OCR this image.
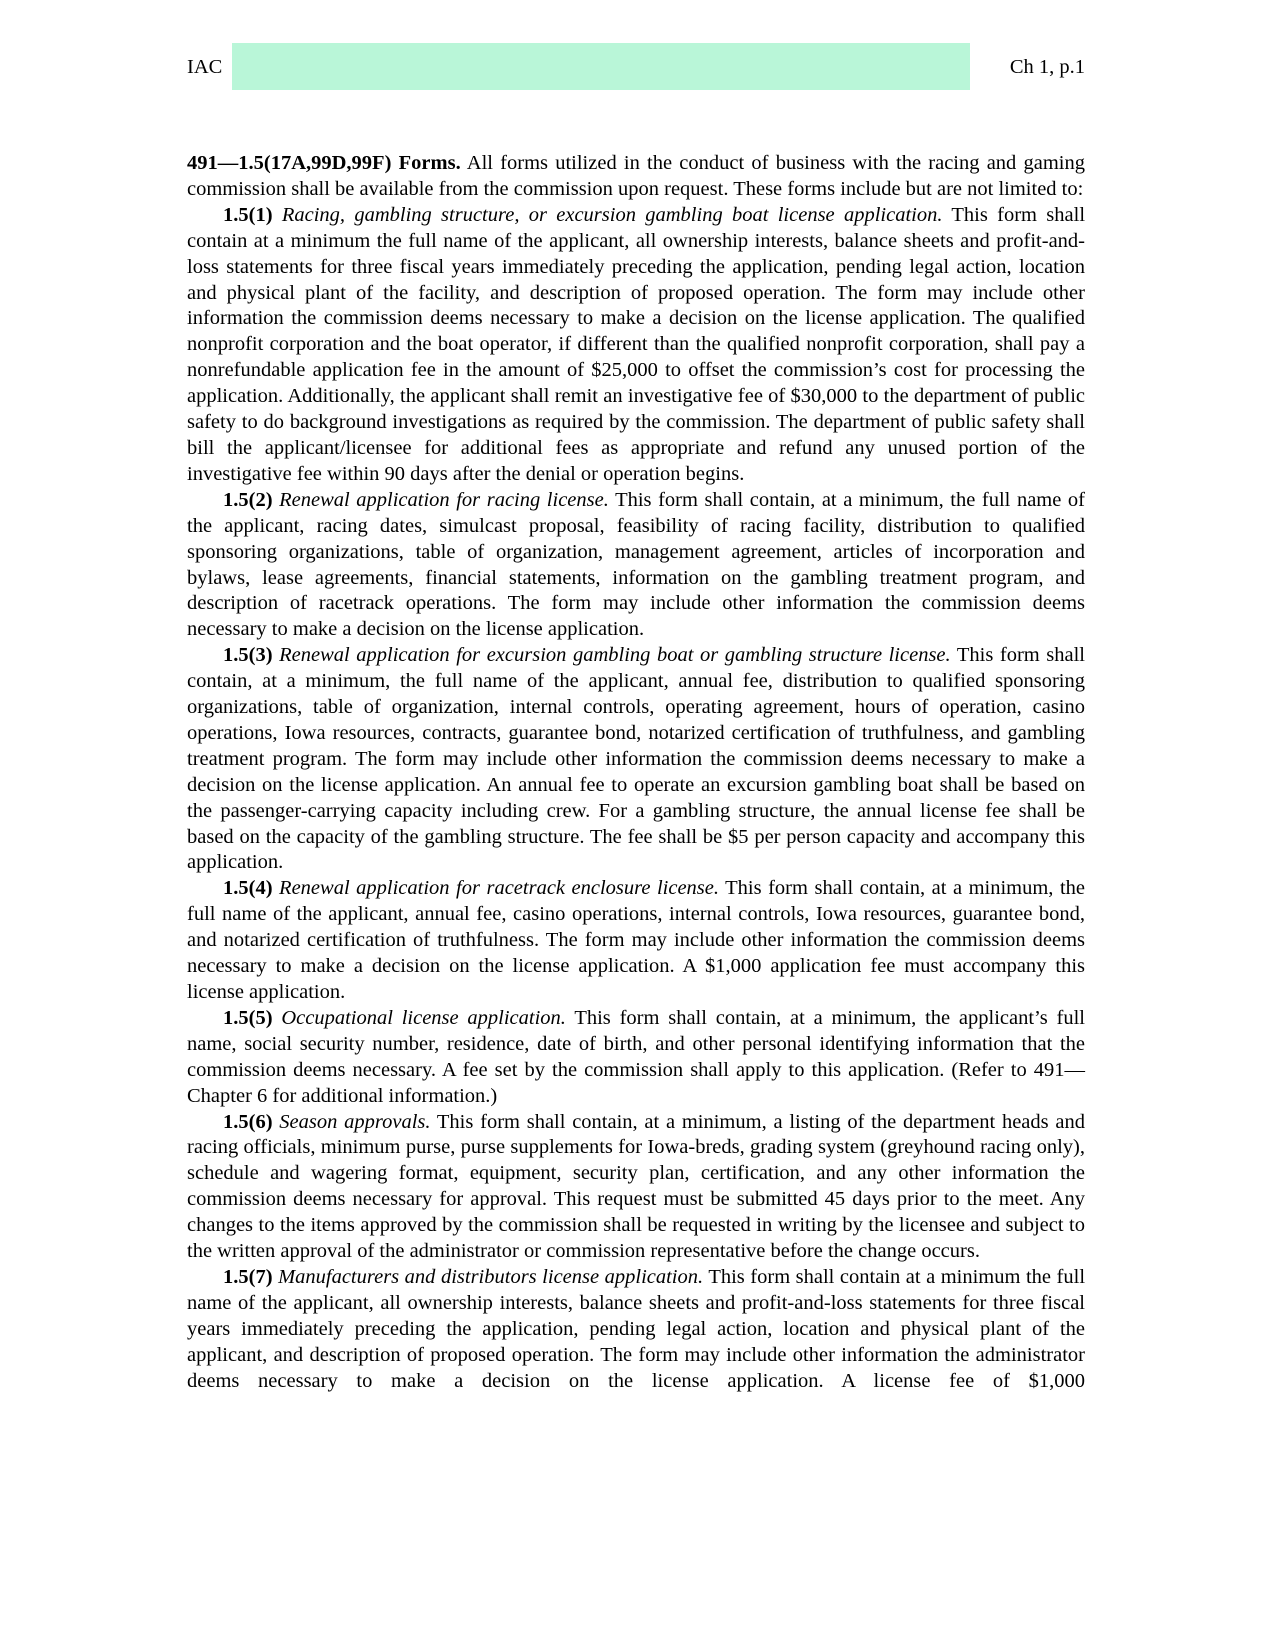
IAC	Ch 1, p.1

491—1.5(17A,99D,99F) Forms. All forms utilized in the conduct of business with the racing and gaming commission shall be available from the commission upon request. These forms include but are not limited to:

1.5(1) Racing, gambling structure, or excursion gambling boat license application. This form shall contain at a minimum the full name of the applicant, all ownership interests, balance sheets and profit-and-loss statements for three fiscal years immediately preceding the application, pending legal action, location and physical plant of the facility, and description of proposed operation. The form may include other information the commission deems necessary to make a decision on the license application. The qualified nonprofit corporation and the boat operator, if different than the qualified nonprofit corporation, shall pay a nonrefundable application fee in the amount of $25,000 to offset the commission’s cost for processing the application. Additionally, the applicant shall remit an investigative fee of $30,000 to the department of public safety to do background investigations as required by the commission. The department of public safety shall bill the applicant/licensee for additional fees as appropriate and refund any unused portion of the investigative fee within 90 days after the denial or operation begins.

1.5(2) Renewal application for racing license. This form shall contain, at a minimum, the full name of the applicant, racing dates, simulcast proposal, feasibility of racing facility, distribution to qualified sponsoring organizations, table of organization, management agreement, articles of incorporation and bylaws, lease agreements, financial statements, information on the gambling treatment program, and description of racetrack operations. The form may include other information the commission deems necessary to make a decision on the license application.

1.5(3) Renewal application for excursion gambling boat or gambling structure license. This form shall contain, at a minimum, the full name of the applicant, annual fee, distribution to qualified sponsoring organizations, table of organization, internal controls, operating agreement, hours of operation, casino operations, Iowa resources, contracts, guarantee bond, notarized certification of truthfulness, and gambling treatment program. The form may include other information the commission deems necessary to make a decision on the license application. An annual fee to operate an excursion gambling boat shall be based on the passenger-carrying capacity including crew. For a gambling structure, the annual license fee shall be based on the capacity of the gambling structure. The fee shall be $5 per person capacity and accompany this application.

1.5(4) Renewal application for racetrack enclosure license. This form shall contain, at a minimum, the full name of the applicant, annual fee, casino operations, internal controls, Iowa resources, guarantee bond, and notarized certification of truthfulness. The form may include other information the commission deems necessary to make a decision on the license application. A $1,000 application fee must accompany this license application.

1.5(5) Occupational license application. This form shall contain, at a minimum, the applicant’s full name, social security number, residence, date of birth, and other personal identifying information that the commission deems necessary. A fee set by the commission shall apply to this application. (Refer to 491—Chapter 6 for additional information.)

1.5(6) Season approvals. This form shall contain, at a minimum, a listing of the department heads and racing officials, minimum purse, purse supplements for Iowa-breds, grading system (greyhound racing only), schedule and wagering format, equipment, security plan, certification, and any other information the commission deems necessary for approval. This request must be submitted 45 days prior to the meet. Any changes to the items approved by the commission shall be requested in writing by the licensee and subject to the written approval of the administrator or commission representative before the change occurs.

1.5(7) Manufacturers and distributors license application. This form shall contain at a minimum the full name of the applicant, all ownership interests, balance sheets and profit-and-loss statements for three fiscal years immediately preceding the application, pending legal action, location and physical plant of the applicant, and description of proposed operation. The form may include other information the administrator deems necessary to make a decision on the license application. A license fee of $1,000
